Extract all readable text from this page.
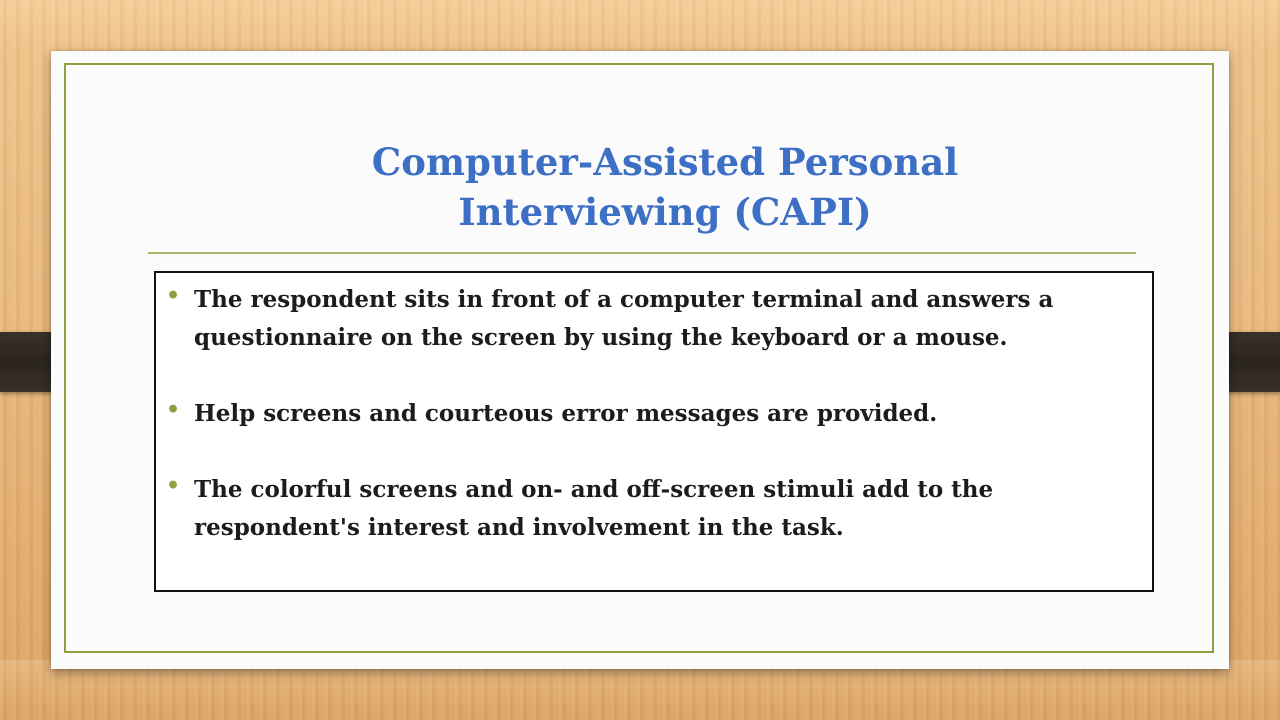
Computer-Assisted Personal
Interviewing (CAPI)
• The respondent sits in front of a computer terminal and answers a questionnaire on the screen by using the keyboard or a mouse.
• Help screens and courteous error messages are provided.
• The colorful screens and on- and off-screen stimuli add to the respondent's interest and involvement in the task.
